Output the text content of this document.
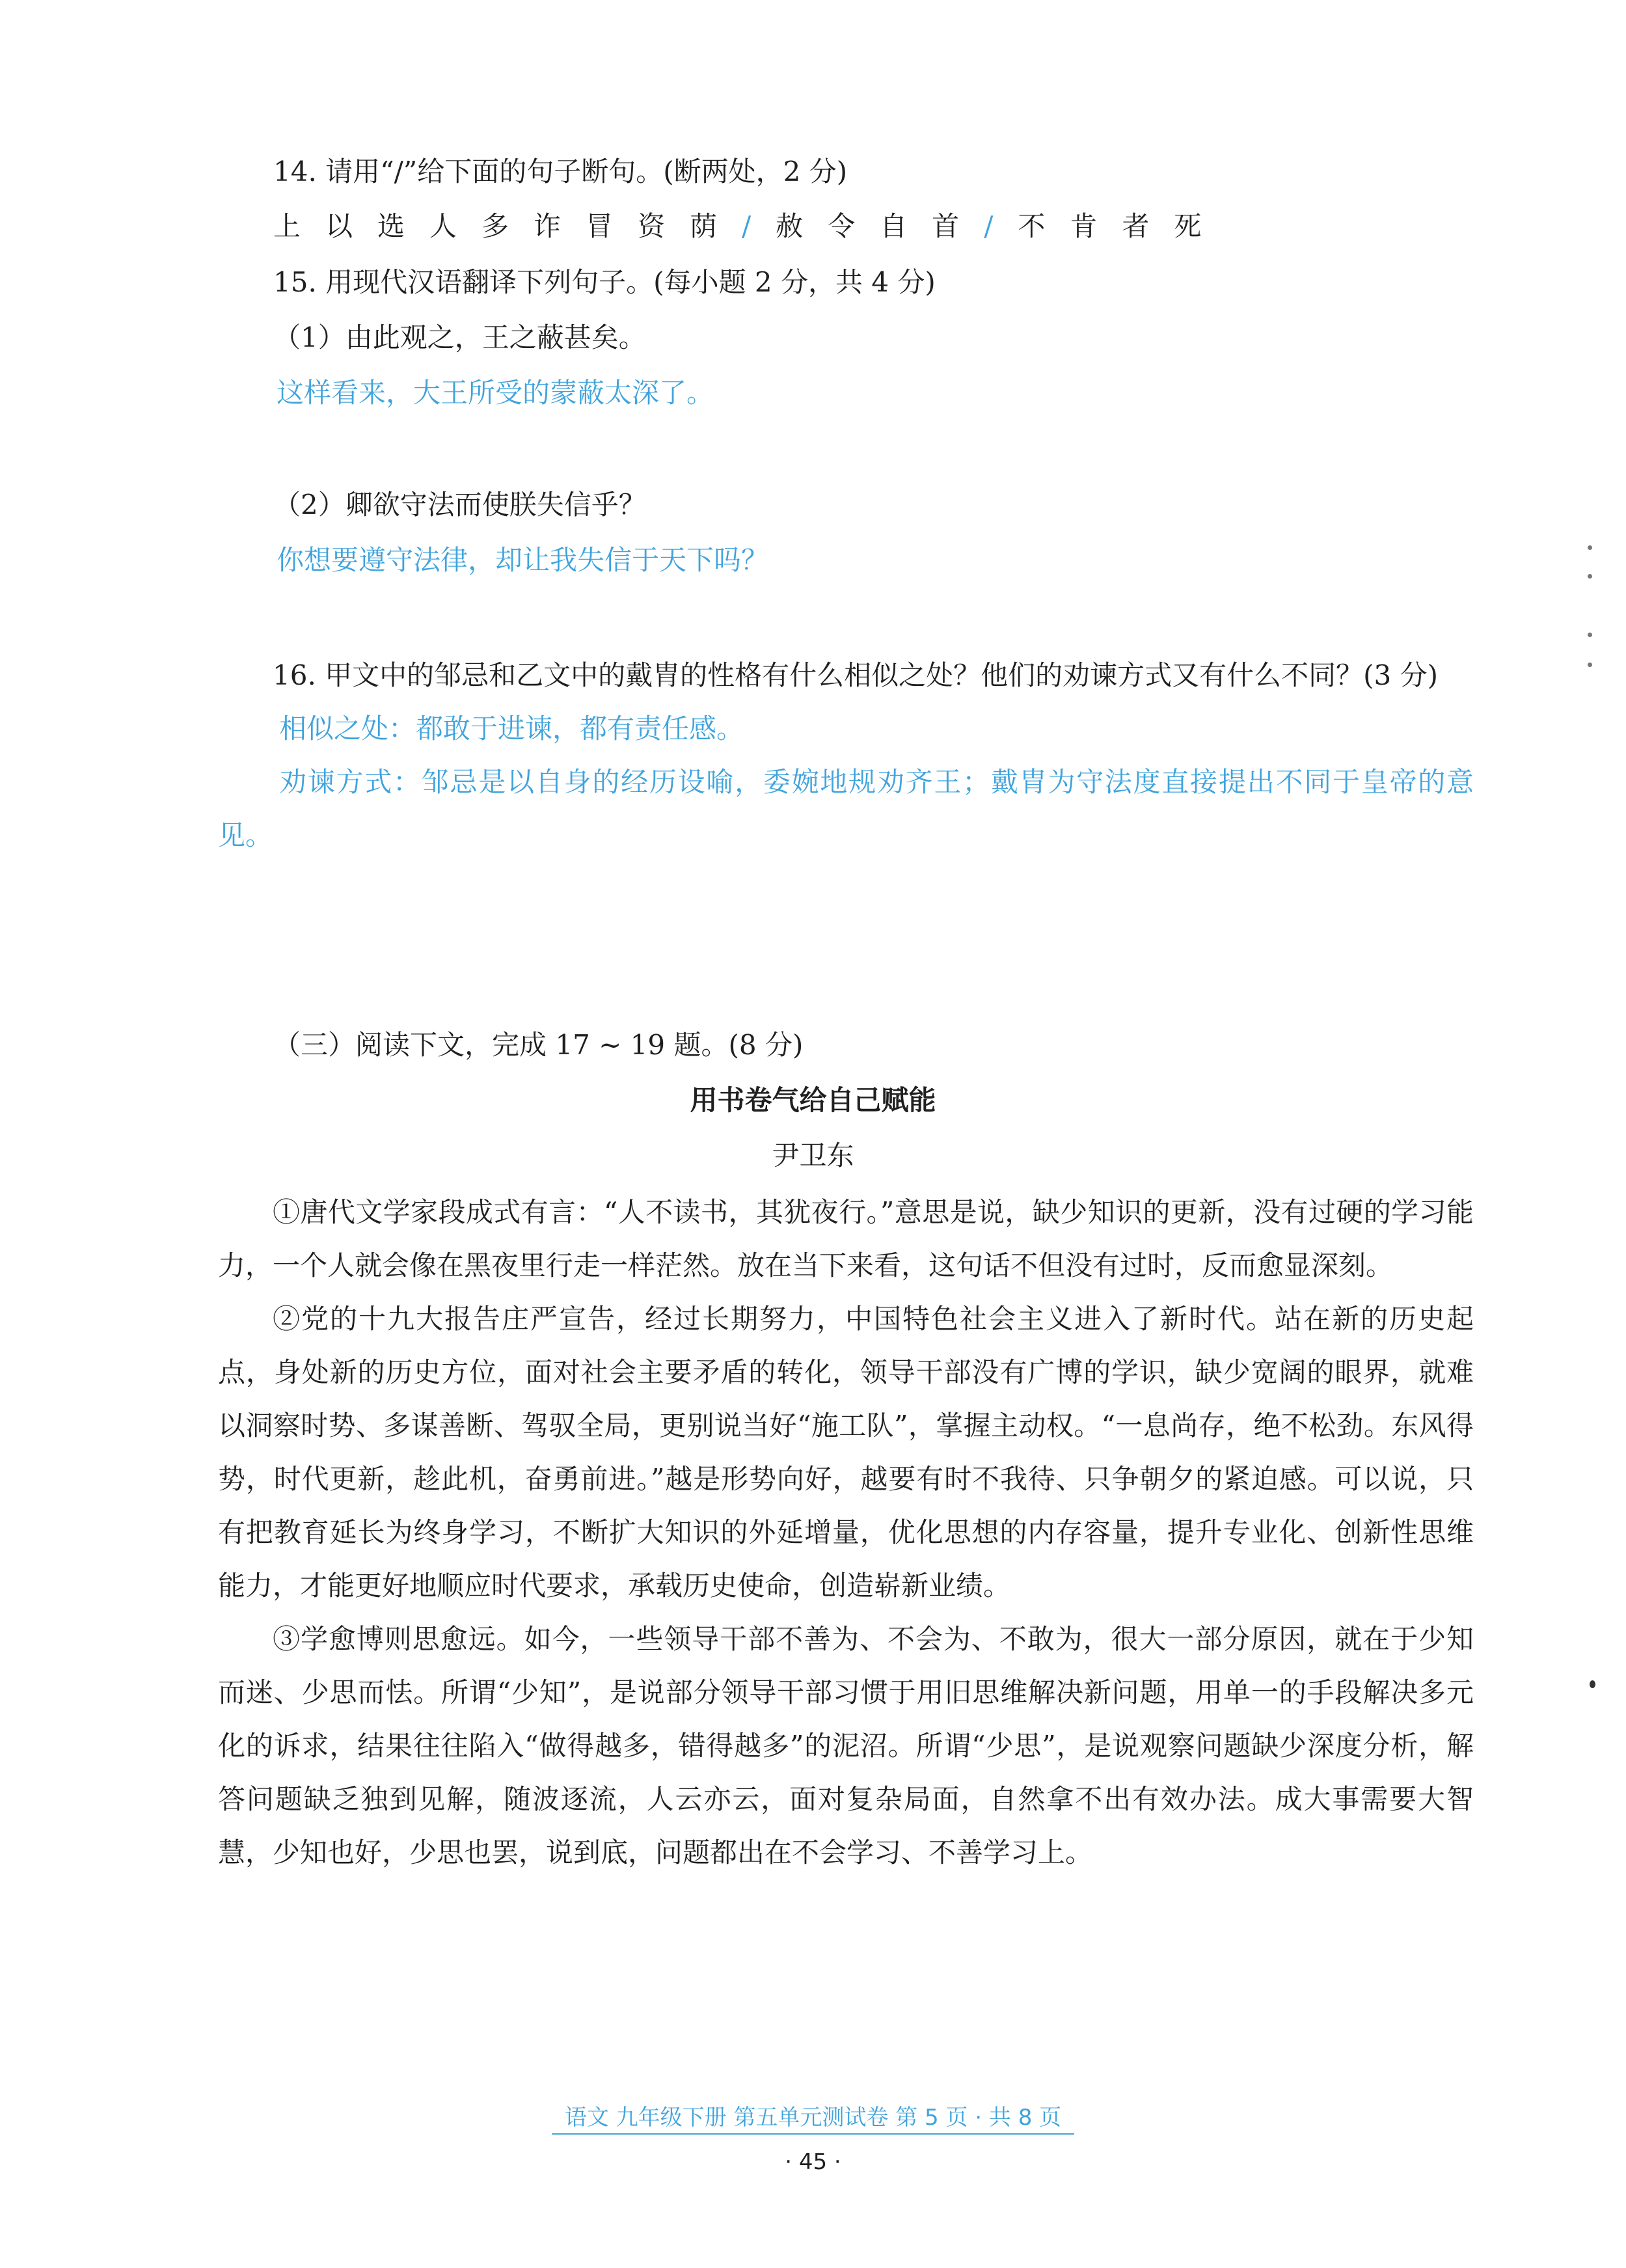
14. 请用“/”给下面的句子断句。(断两处，2 分)
上以选人多诈冒资荫/赦令自首/不肯者死
15. 用现代汉语翻译下列句子。(每小题 2 分，共 4 分)
（1）由此观之，王之蔽甚矣。
这样看来，大王所受的蒙蔽太深了。
（2）卿欲守法而使朕失信乎？
你想要遵守法律，却让我失信于天下吗？

16. 甲文中的邹忌和乙文中的戴胄的性格有什么相似之处？他们的劝谏方式又有什么不同？(3 分)

相似之处：都敢于进谏，都有责任感。

劝谏方式：邹忌是以自身的经历设喻，委婉地规劝齐王；戴胄为守法度直接提出不同于皇帝的意见。

（三）阅读下文，完成 17 ~ 19 题。(8 分)
用书卷气给自己赋能
尹卫东

①唐代文学家段成式有言：“人不读书，其犹夜行。”意思是说，缺少知识的更新，没有过硬的学习能力，一个人就会像在黑夜里行走一样茫然。放在当下来看，这句话不但没有过时，反而愈显深刻。

②党的十九大报告庄严宣告，经过长期努力，中国特色社会主义进入了新时代。站在新的历史起点，身处新的历史方位，面对社会主要矛盾的转化，领导干部没有广博的学识，缺少宽阔的眼界，就难以洞察时势、多谋善断、驾驭全局，更别说当好“施工队”，掌握主动权。“一息尚存，绝不松劲。东风得势，时代更新，趁此机，奋勇前进。”越是形势向好，越要有时不我待、只争朝夕的紧迫感。可以说，只有把教育延长为终身学习，不断扩大知识的外延增量，优化思想的内存容量，提升专业化、创新性思维能力，才能更好地顺应时代要求，承载历史使命，创造崭新业绩。

③学愈博则思愈远。如今，一些领导干部不善为、不会为、不敢为，很大一部分原因，就在于少知而迷、少思而怯。所谓“少知”，是说部分领导干部习惯于用旧思维解决新问题，用单一的手段解决多元化的诉求，结果往往陷入“做得越多，错得越多”的泥沼。所谓“少思”，是说观察问题缺少深度分析，解答问题缺乏独到见解，随波逐流，人云亦云，面对复杂局面，自然拿不出有效办法。成大事需要大智慧，少知也好，少思也罢，说到底，问题都出在不会学习、不善学习上。

语文 九年级下册 第五单元测试卷 第 5 页 · 共 8 页
· 45 ·
